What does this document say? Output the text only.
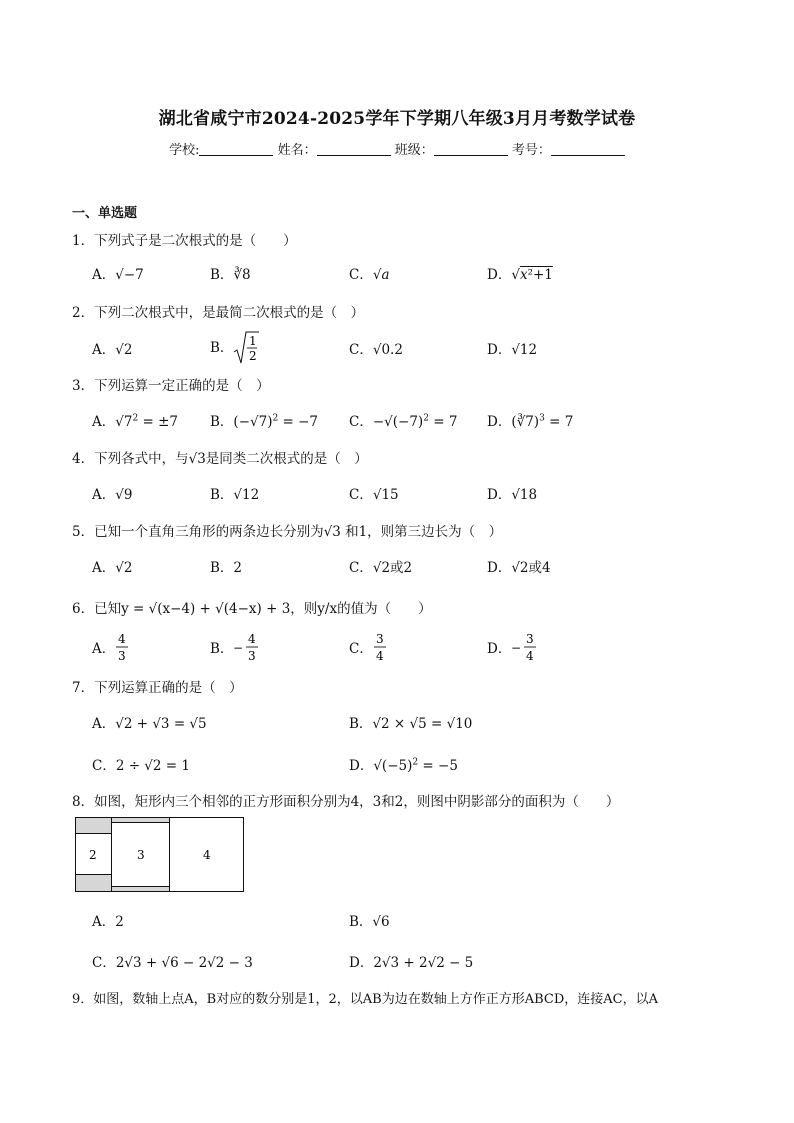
湖北省咸宁市2024-2025学年下学期八年级3月月考数学试卷
学校:	姓名：	班级：	考号：
一、单选题
1．下列式子是二次根式的是（　　）
A．√−7	B．∛8	C．√a	D．√x²+1
2．下列二次根式中，是最简二次根式的是（　）
A．√2	B． 1
2	C．√0.2	D．√12
3．下列运算一定正确的是（　）
A．$√7^2 = \pm 7$ B．$(-√7)^2 = -7$ C．$-√(-7)^2 = 7$ D．(∛7)$^3$ = 7
4．下列各式中，与√3是同类二次根式的是（　）
A．√9	B．√12	C．√15	D．√18
5．已知一个直角三角形的两条边长分别为√3 和1，则第三边长为（　）
A．√2	B．2	C．√2或2	D．√2或4
6．已知y = √(x−4) + √(4−x) + 3，则y/x的值为（　　）
A．
4
3	B． −
4
3	C．
3
4	D． −
3
4
7．下列运算正确的是（　）
A．√2 + √3 = √5	B．√2 × √5 = √10
C．2 ÷ √2 = 1	D．$√(-5)^2 = -5$
8．如图，矩形内三个相邻的正方形面积分别为4，3和2，则图中阴影部分的面积为（　　）
2	3	4
A．2	B．√6
C．2√3 + √6 − 2√2 − 3	D．2√3 + 2√2 − 5
9．如图，数轴上点A，B对应的数分别是1，2，以AB为边在数轴上方作正方形ABCD，连接AC，以A
